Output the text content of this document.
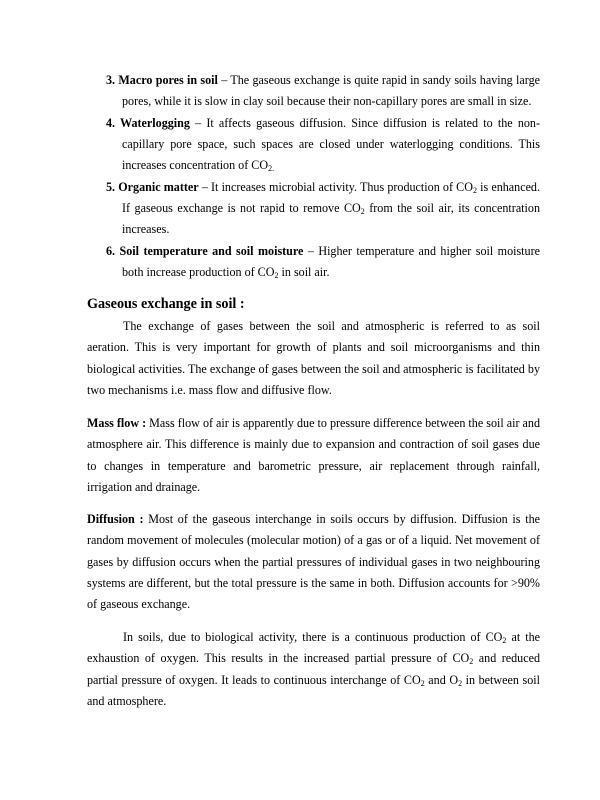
3. Macro pores in soil – The gaseous exchange is quite rapid in sandy soils having large pores, while it is slow in clay soil because their non-capillary pores are small in size.
4. Waterlogging – It affects gaseous diffusion. Since diffusion is related to the non-capillary pore space, such spaces are closed under waterlogging conditions. This increases concentration of $CO_{2.}$
5. Organic matter – It increases microbial activity. Thus production of $CO_2$ is enhanced. If gaseous exchange is not rapid to remove $CO_2$ from the soil air, its concentration increases.
6. Soil temperature and soil moisture – Higher temperature and higher soil moisture both increase production of $CO_2$ in soil air.
Gaseous exchange in soil :

The exchange of gases between the soil and atmospheric is referred to as soil aeration. This is very important for growth of plants and soil microorganisms and thin biological activities. The exchange of gases between the soil and atmospheric is facilitated by two mechanisms i.e. mass flow and diffusive flow.

Mass flow : Mass flow of air is apparently due to pressure difference between the soil air and atmosphere air. This difference is mainly due to expansion and contraction of soil gases due to changes in temperature and barometric pressure, air replacement through rainfall, irrigation and drainage.

Diffusion : Most of the gaseous interchange in soils occurs by diffusion. Diffusion is the random movement of molecules (molecular motion) of a gas or of a liquid. Net movement of gases by diffusion occurs when the partial pressures of individual gases in two neighbouring systems are different, but the total pressure is the same in both. Diffusion accounts for >90% of gaseous exchange.

In soils, due to biological activity, there is a continuous production of $CO_2$ at the exhaustion of oxygen. This results in the increased partial pressure of $CO_2$ and reduced partial pressure of oxygen. It leads to continuous interchange of $CO_2$ and $O_2$ in between soil and atmosphere.
